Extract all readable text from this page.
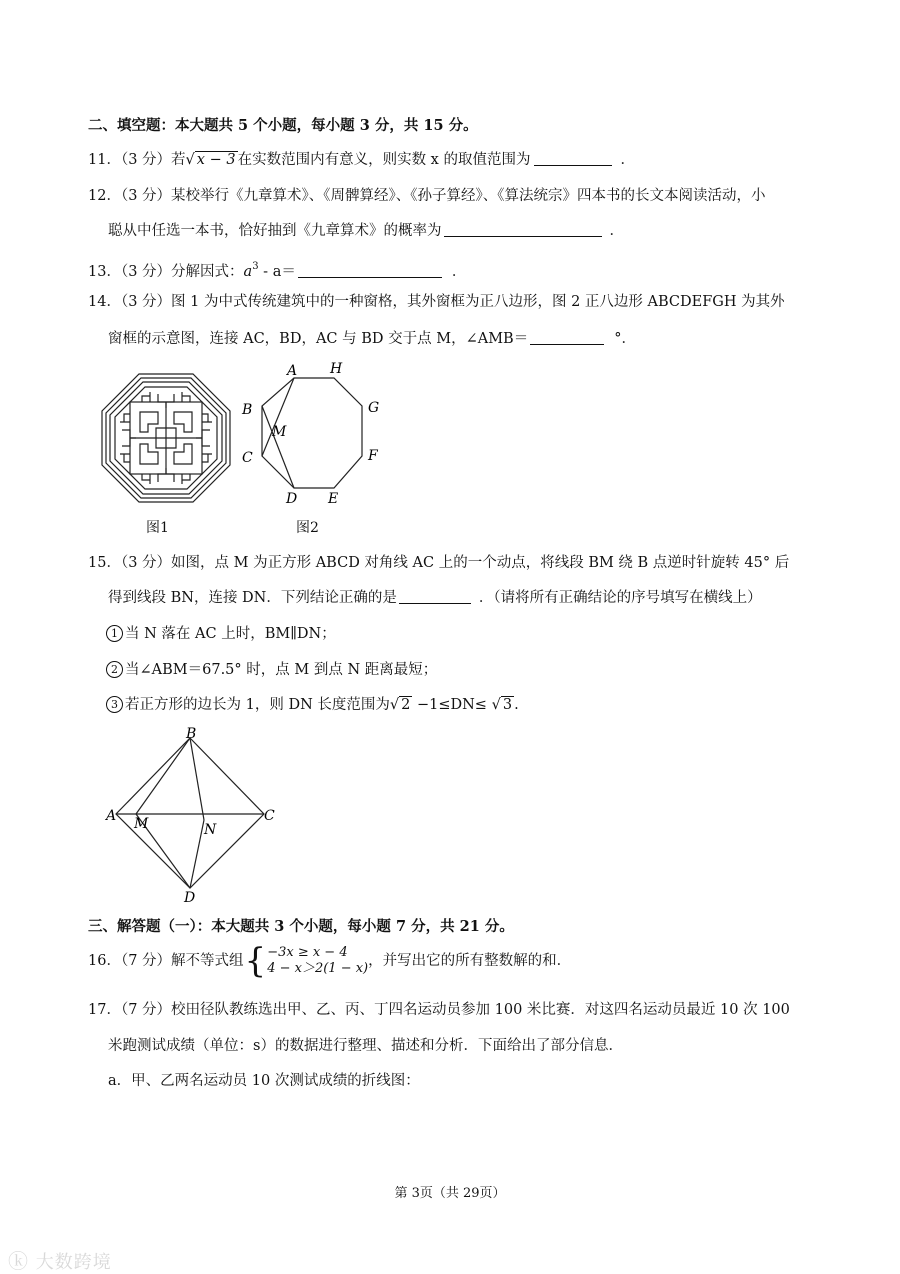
二、填空题：本大题共 5 个小题，每小题 3 分，共 15 分。
11．（3 分）若√ x − 3 在实数范围内有意义，则实数 x 的取值范围为	．
12．（3 分）某校举行《九章算术》、《周髀算经》、《孙子算经》、《算法统宗》四本书的长文本阅读活动，小
聪从中任选一本书，恰好抽到《九章算术》的概率为	．
13．（3 分）分解因式：$a^3 - a=$	．
14．（3 分）图 1 为中式传统建筑中的一种窗格，其外窗框为正八边形，图 2 正八边形 ABCDEFGH 为其外
窗框的示意图，连接 AC，BD，AC 与 BD 交于点 M，∠AMB＝	°．
图1
A H
G
F
E
D
C
B
M
图2
15．（3 分）如图，点 M 为正方形 ABCD 对角线 AC 上的一个动点，将线段 BM 绕 B 点逆时针旋转 45° 后
得到线段 BN，连接 DN．下列结论正确的是	．（请将所有正确结论的序号填写在横线上）
1 当 N 落在 AC 上时，BM∥DN；
2 当∠ABM＝67.5° 时，点 M 到点 N 距离最短；
3 若正方形的边长为 1，则 DN 长度范围为√ 2 −1≤DN≤ √ 3 .
B
A M	N
C
D
三、解答题（一）：本大题共 3 个小题，每小题 7 分，共 21 分。
16．（7 分）解不等式组 { −3x ≥ x − 4
4 − x＞2(1 − x) ，并写出它的所有整数解的和．
17．（7 分）校田径队教练选出甲、乙、丙、丁四名运动员参加 100 米比赛．对这四名运动员最近 10 次 100
米跑测试成绩（单位：s）的数据进行整理、描述和分析．下面给出了部分信息．
a．甲、乙两名运动员 10 次测试成绩的折线图：
第 3页（共 29页）
ⓚ 大数跨境
